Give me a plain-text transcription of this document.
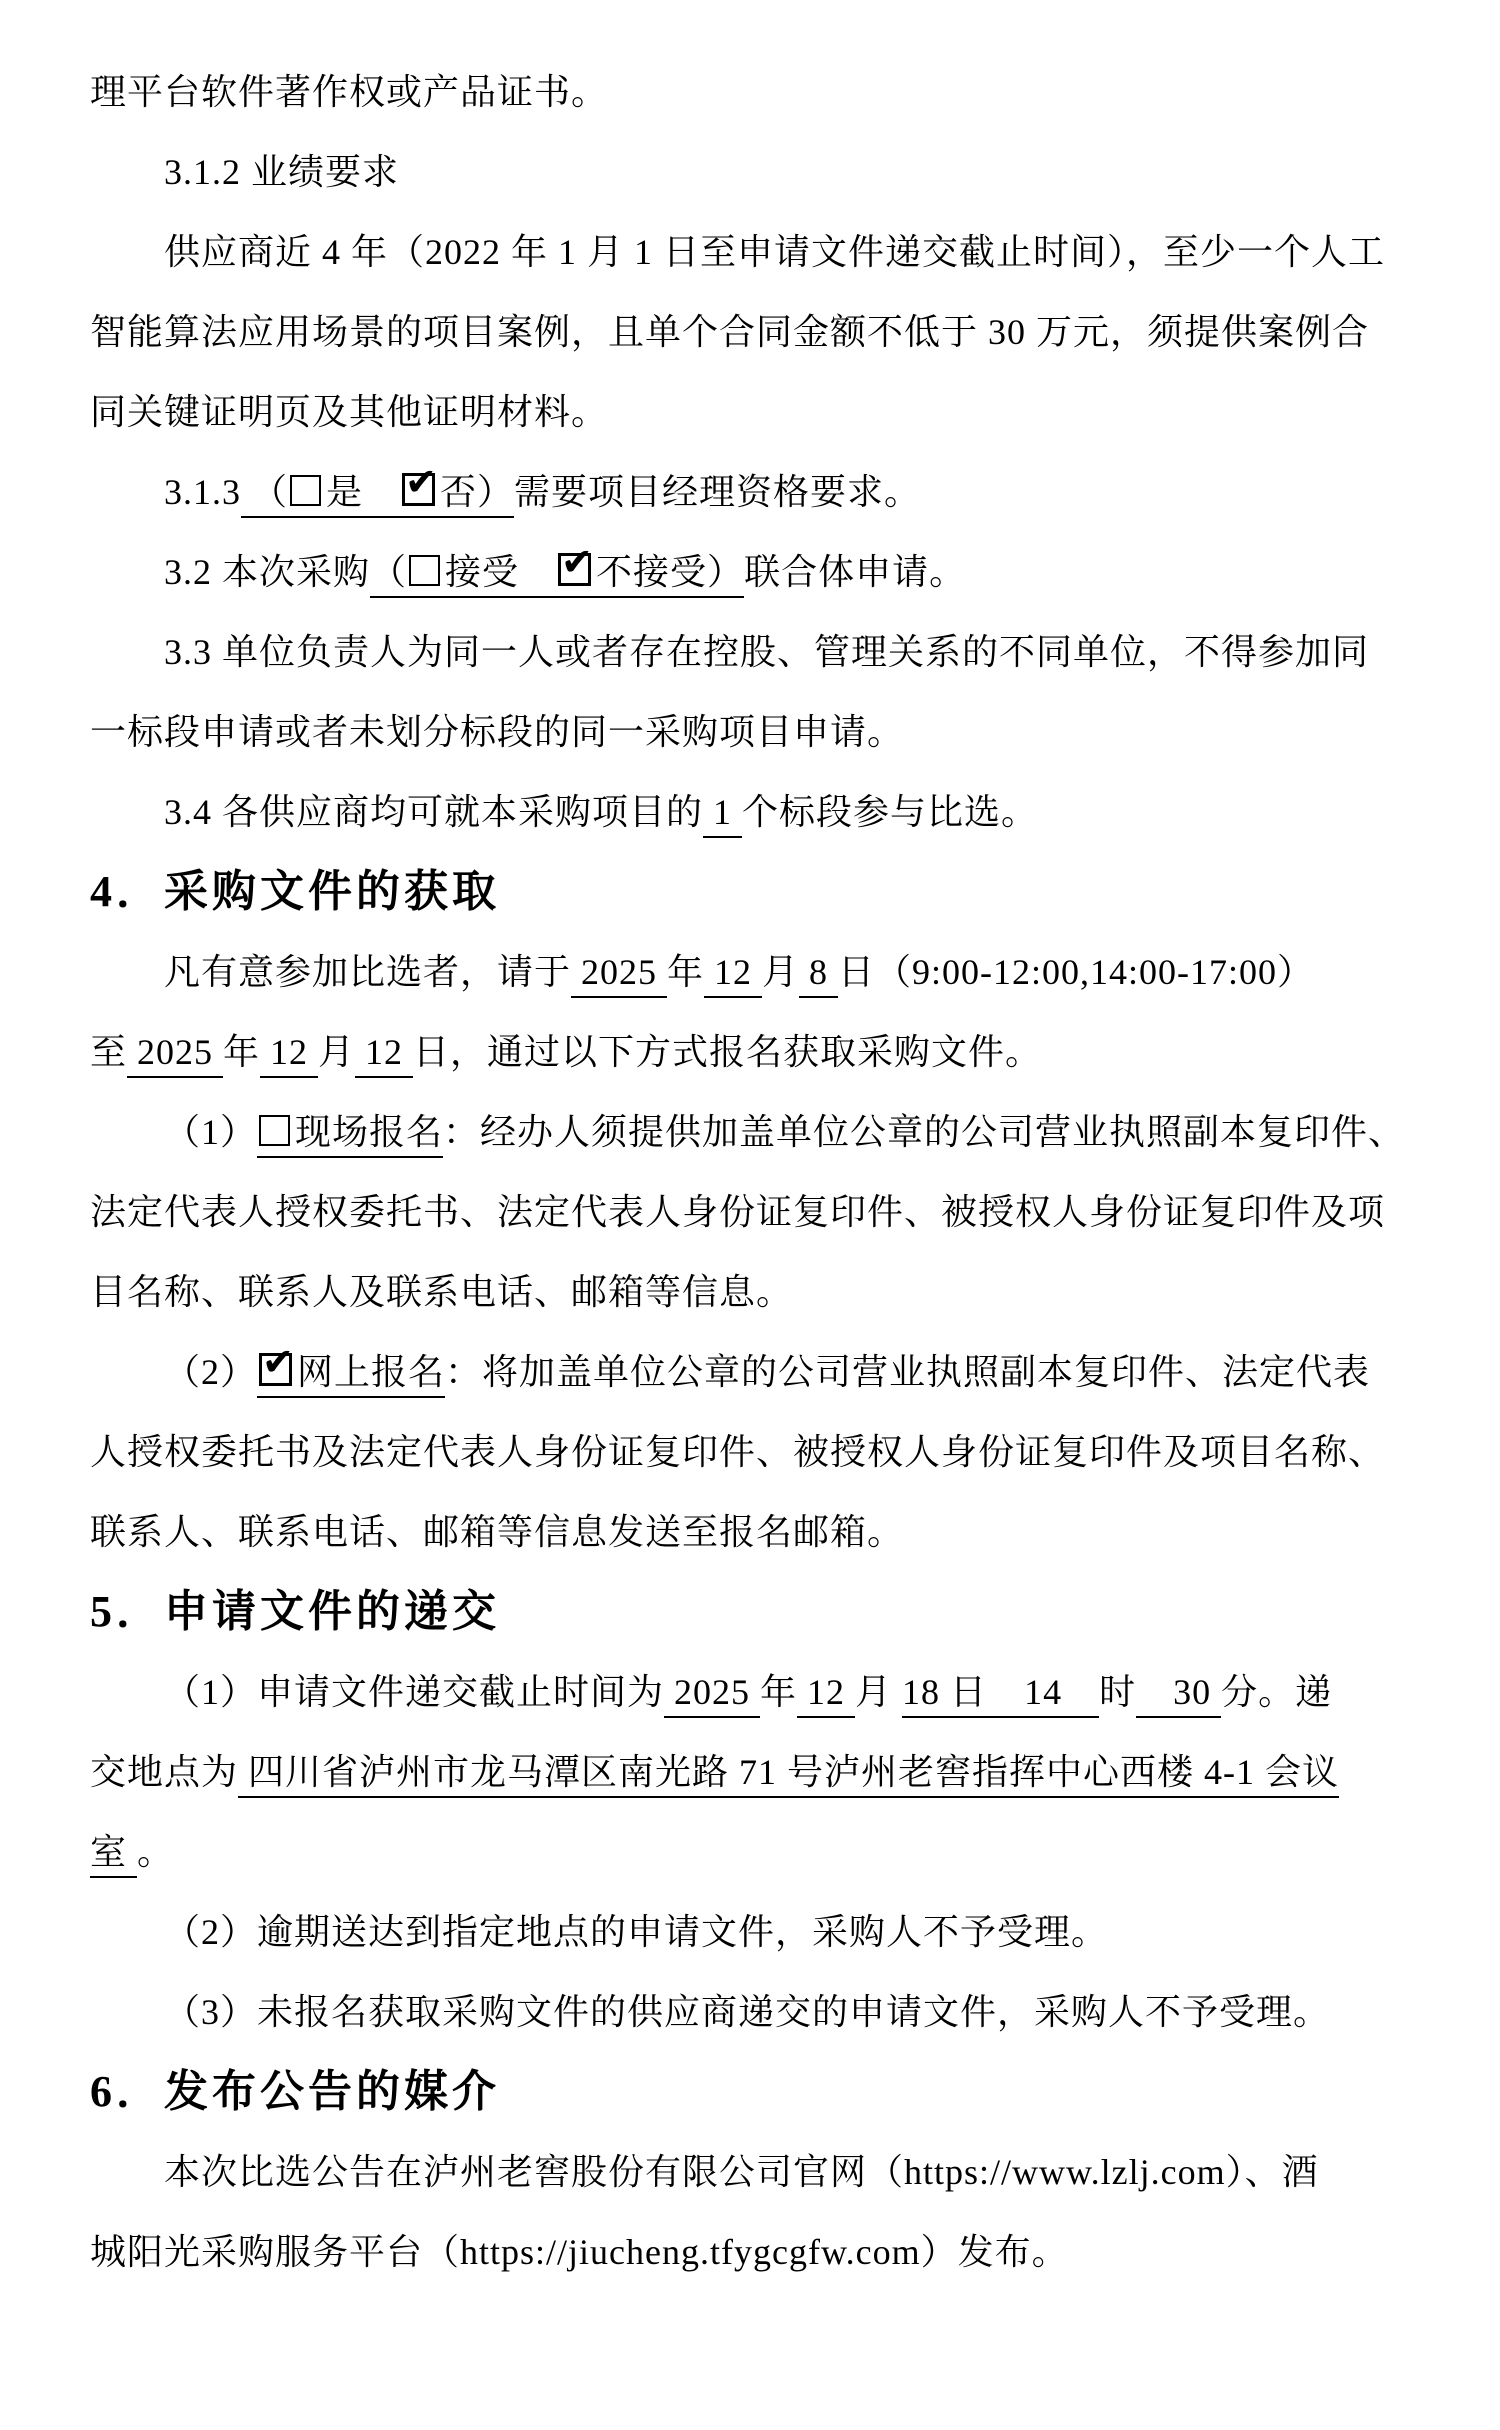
理平台软件著作权或产品证书。
3.1.2 业绩要求
供应商近 4 年（2022 年 1 月 1 日至申请文件递交截止时间），至少一个人工
智能算法应用场景的项目案例，且单个合同金额不低于 30 万元，须提供案例合
同关键证明页及其他证明材料。
3.1.3 （ 是　 ✔ 否）需要项目经理资格要求。
3.2 本次采购（ 接受　 ✔ 不接受）联合体申请。
3.3 单位负责人为同一人或者存在控股、管理关系的不同单位，不得参加同
一标段申请或者未划分标段的同一采购项目申请。
3.4 各供应商均可就本采购项目的 1 个标段参与比选。
4．采购文件的获取
凡有意参加比选者，请于 2025 年 12 月 8 日（9:00-12:00,14:00-17:00）
至 2025 年 12 月 12 日，通过以下方式报名获取采购文件。
（1） 现场报名：经办人须提供加盖单位公章的公司营业执照副本复印件、
法定代表人授权委托书、法定代表人身份证复印件、被授权人身份证复印件及项
目名称、联系人及联系电话、邮箱等信息。
（2） ✔ 网上报名：将加盖单位公章的公司营业执照副本复印件、法定代表
人授权委托书及法定代表人身份证复印件、被授权人身份证复印件及项目名称、
联系人、联系电话、邮箱等信息发送至报名邮箱。
5．申请文件的递交
（1）申请文件递交截止时间为 2025 年 12 月 18 日　14　时　30 分。递
交地点为 四川省泸州市龙马潭区南光路 71 号泸州老窖指挥中心西楼 4-1 会议
室 。
（2）逾期送达到指定地点的申请文件，采购人不予受理。
（3）未报名获取采购文件的供应商递交的申请文件，采购人不予受理。
6．发布公告的媒介
本次比选公告在泸州老窖股份有限公司官网（https://www.lzlj.com）、酒
城阳光采购服务平台（https://jiucheng.tfygcgfw.com）发布。
